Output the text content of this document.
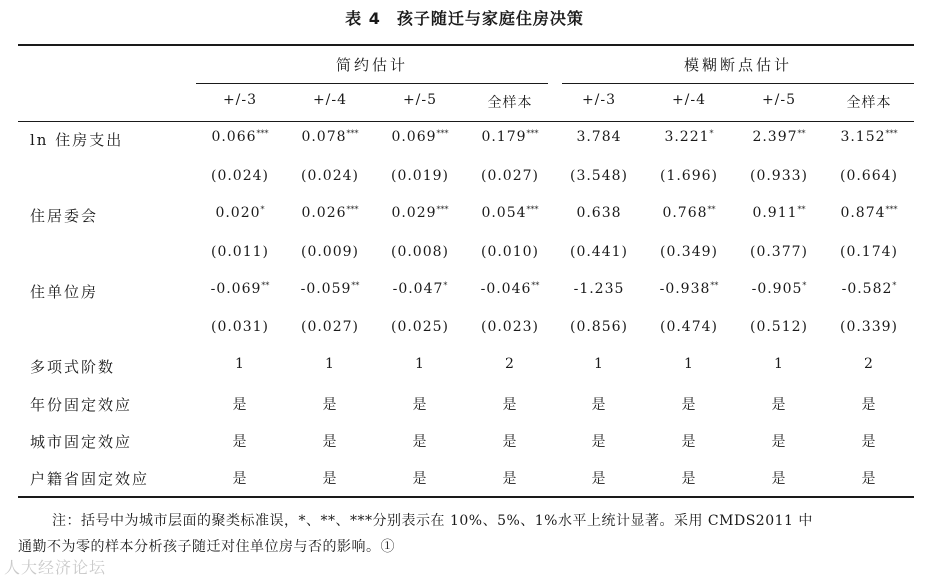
表 4 孩子随迁与家庭住房决策
简约估计	模糊断点估计
+/-3	+/-4	+/-5	全样本	+/-3	+/-4	+/-5	全样本
ln 住房支出	0.066***	0.078***	0.069***	0.179***	3.784	3.221*	2.397**	3.152***
(0.024)	(0.024)	(0.019)	(0.027)	(3.548)	(1.696)	(0.933)	(0.664)
住居委会	0.020*	0.026***	0.029***	0.054***	0.638	0.768**	0.911**	0.874***
(0.011)	(0.009)	(0.008)	(0.010)	(0.441)	(0.349)	(0.377)	(0.174)
住单位房	-0.069**	-0.059**	-0.047*	-0.046**	-1.235	-0.938**	-0.905*	-0.582*
(0.031)	(0.027)	(0.025)	(0.023)	(0.856)	(0.474)	(0.512)	(0.339)
多项式阶数	1	1	1	2	1	1	1	2
年份固定效应	是	是	是	是	是	是	是	是
城市固定效应	是	是	是	是	是	是	是	是
户籍省固定效应	是	是	是	是	是	是	是	是

注：括号中为城市层面的聚类标准误，*、**、***分别表示在 10%、5%、1%水平上统计显著。采用 CMDS2011 中

通勤不为零的样本分析孩子随迁对住单位房与否的影响。①

人大经济论坛
